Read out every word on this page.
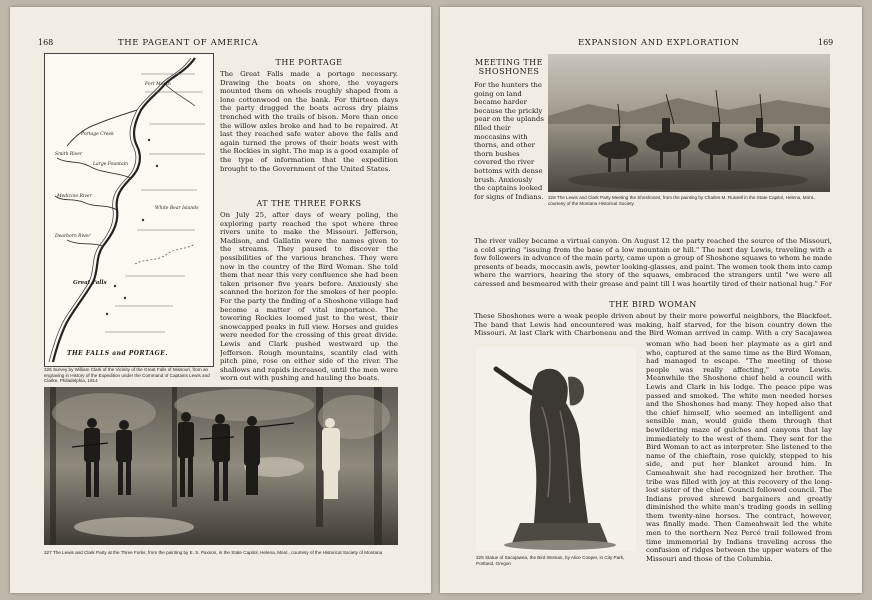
168	THE PAGEANT OF AMERICA
Great Falls
Fort Mouth
Portage Creek
Smith River
Large Fountain
White Bear Islands
Medicine River
Dearborn River
THE FALLS and PORTAGE.
326 Survey by William Clark of the Vicinity of the Great Falls of Missouri, from an engraving in History of the Expedition under the Command of Captains Lewis and Clarke, Philadelphia, 1814
THE PORTAGE

The Great Falls made a portage necessary. Drawing the boats on shore, the voyagers mounted them on wheels roughly shaped from a lone cottonwood on the bank. For thirteen days the party dragged the boats across dry plains trenched with the trails of bison. More than once the willow axles broke and had to be repaired. At last they reached safe water above the falls and again turned the prows of their boats west with the Rockies in sight. The map is a good example of the type of information that the expedition brought to the Government of the United States.

AT THE THREE FORKS

On July 25, after days of weary poling, the exploring party reached the spot where three rivers unite to make the Missouri. Jefferson, Madison, and Gallatin were the names given to the streams. They paused to discover the possibilities of the various branches. They were now in the country of the Bird Woman. She told them that near this very confluence she had been taken prisoner five years before. Anxiously she scanned the horizon for the smokes of her people. For the party the finding of a Shoshone village had become a matter of vital importance. The towering Rockies loomed just to the west, their snowcapped peaks in full view. Horses and guides were needed for the crossing of this great divide. Lewis and Clark pushed westward up the Jefferson. Rough mountains, scantily clad with pitch pine, rose on either side of the river. The shallows and rapids increased, until the men were worn out with pushing and hauling the boats.

327 The Lewis and Clark Party at the Three Forks, from the painting by E. S. Paxson, in the State Capitol, Helena, Mont., courtesy of the Historical Society of Montana
EXPANSION AND EXPLORATION	169
MEETING THE SHOSHONES

For the hunters the going on land became harder because the prickly pear on the uplands filled their moccasins with thorns, and other thorn bushes covered the river bottoms with dense brush. Anxiously the captains looked for signs of Indians. 328 The Lewis and Clark Party Meeting the Shoshones, from the painting by Charles M. Russell in the State Capitol, Helena, Mont., courtesy of the Montana Historical Society

The river valley became a virtual canyon. On August 12 the party reached the source of the Missouri, a cold spring "issuing from the base of a low mountain or hill." The next day Lewis, traveling with a few followers in advance of the main party, came upon a group of Shoshone squaws to whom he made presents of beads, moccasin awls, pewter looking-glasses, and paint. The women took them into camp where the warriors, hearing the story of the squaws, embraced the strangers until "we were all caressed and besmeared with their grease and paint till I was heartily tired of their national hug." For

THE BIRD WOMAN

These Shoshones were a weak people driven about by their more powerful neighbors, the Blackfeet. The band that Lewis had encountered was making, half starved, for the bison country down the Missouri. At last Clark with Charboneau and the Bird Woman arrived in camp. With a cry Sacajawea

329 Statue of Sacajawea, the Bird Woman, by Alice Cooper, in City Park, Portland, Oregon

woman who had been her playmate as a girl and who, captured at the same time as the Bird Woman, had managed to escape. "The meeting of those people was really affecting," wrote Lewis. Meanwhile the Shoshone chief held a council with Lewis and Clark in his lodge. The peace pipe was passed and smoked. The white men needed horses and the Shoshones had many. They hoped also that the chief himself, who seemed an intelligent and sensible man, would guide them through that bewildering maze of gulches and canyons that lay immediately to the west of them. They sent for the Bird Woman to act as interpreter. She listened to the name of the chieftain, rose quickly, stepped to his side, and put her blanket around him. In Cameahwait she had recognized her brother. The tribe was filled with joy at this recovery of the long-lost sister of the chief. Council followed council. The Indians proved shrewd bargainers and greatly diminished the white man's trading goods in selling them twenty-nine horses. The contract, however, was finally made. Then Cameahwait led the white men to the northern Nez Percé trail followed from time immemorial by Indians traveling across the confusion of ridges between the upper waters of the Missouri and those of the Columbia.
